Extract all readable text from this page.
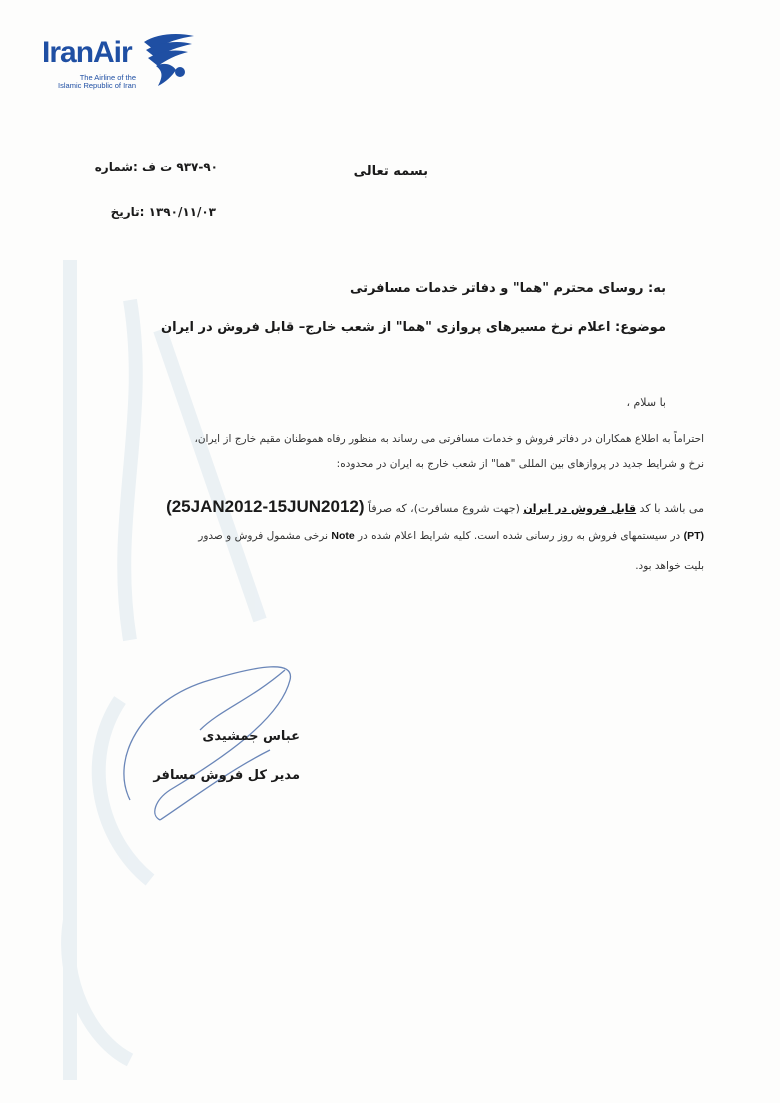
IranAir
The Airline of the
Islamic Republic of Iran
۹۳۷-۹۰ ت ف :شماره
۱۳۹۰/۱۱/۰۳ :تاریخ
بسمه تعالی
به: روسای محترم "هما" و دفاتر خدمات مسافرتی
موضوع: اعلام نرخ مسیرهای پروازی "هما" از شعب خارج– قابل فروش در ایران
با سلام ،
احتراماً به اطلاع همکاران در دفاتر فروش و خدمات مسافرتی می رساند به منظور رفاه هموطنان مقیم خارج از ایران،
نرخ و شرایط جدید در پروازهای بین المللی "هما" از شعب خارج به ایران در محدوده:
می باشد با کد قابل فروش در ایران (جهت شروع مسافرت)، که صرفاً (25JAN2012-15JUN2012)
(PT) در سیستمهای فروش به روز رسانی شده است. کلیه شرایط اعلام شده در Note نرخی مشمول فروش و صدور
بلیت خواهد بود.
عباس جمشیدی
مدیر کل فروش مسافر
